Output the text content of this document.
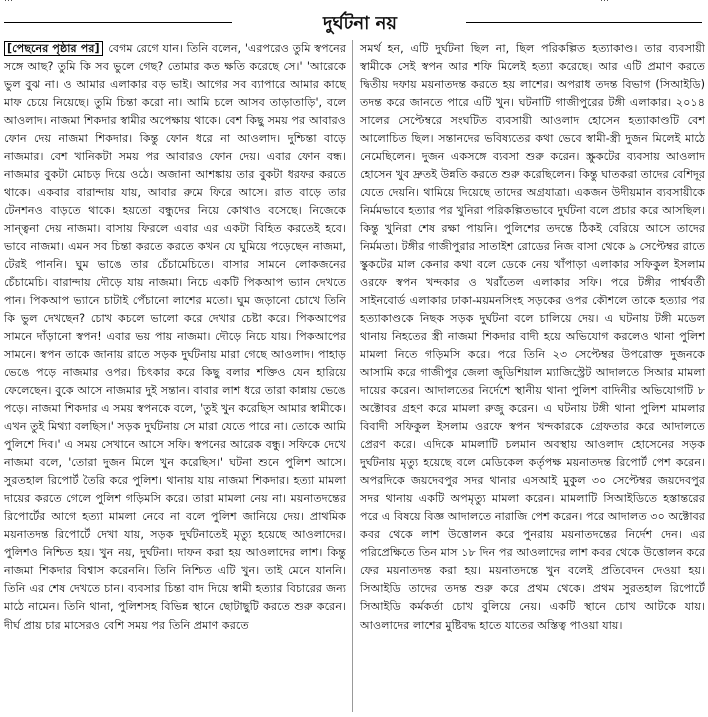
দুর্ঘটনা নয়

[পেছনের পৃষ্ঠার পর] বেগম রেগে যান। তিনি বলেন, 'এরপরেও তুমি স্বপনের সঙ্গে আছ? তুমি কি সব ভুলে গেছ? তোমার কত ক্ষতি করেছে সে।' 'আরেকে ভুল বুঝ না। ও আমার এলাকার বড় ভাই। আগের সব ব্যাপারে আমার কাছে মাফ চেয়ে নিয়েছে। তুমি চিন্তা করো না। আমি চলে আসব তাড়াতাড়ি', বলে আওলাদ। নাজমা শিকদার স্বামীর অপেক্ষায় থাকে। বেশ কিছু সময় পর আবারও ফোন দেয় নাজমা শিকদার। কিন্তু ফোন ধরে না আওলাদ। দুশ্চিন্তা বাড়ে নাজমার। বেশ খানিকটা সময় পর আবারও ফোন দেয়। এবার ফোন বন্ধ। নাজমার বুকটা মোচড় দিয়ে ওঠে। অজানা আশঙ্কায় তার বুকটা ধরফর করতে থাকে। একবার বারান্দায় যায়, আবার রুমে ফিরে আসে। রাত বাড়ে তার টেনশনও বাড়তে থাকে। হয়তো বন্ধুদের নিয়ে কোথাও বসেছে। নিজেকে সান্ত্বনা দেয় নাজমা। বাসায় ফিরলে এবার এর একটা বিহিত করতেই হবে। ভাবে নাজমা। এমন সব চিন্তা করতে করতে কখন যে ঘুমিয়ে পড়েছেন নাজমা, টেরই পাননি। ঘুম ভাঙে তার চেঁচামেচিতে। বাসার সামনে লোকজনের চেঁচামেচি। বারান্দায় দৌড়ে যায় নাজমা। নিচে একটি পিকআপ ভ্যান দেখতে পান। পিকআপ ভ্যানে চাটাই পেঁচানো লাশের মতো। ঘুম জড়ানো চোখে তিনি কি ভুল দেখছেন? চোখ কচলে ভালো করে দেখার চেষ্টা করে। পিকআপের সামনে দাঁড়ানো স্বপন! এবার ভয় পায় নাজমা। দৌড়ে নিচে যায়। পিকআপের সামনে। স্বপন তাকে জানায় রাতে সড়ক দুর্ঘটনায় মারা গেছে আওলাদ। পাহাড় ভেঙে পড়ে নাজমার ওপর। চিৎকার করে কিছু বলার শক্তিও যেন হারিয়ে ফেলেছেন। বুকে আসে নাজমার দুই সন্তান। বাবার লাশ ধরে তারা কান্নায় ভেঙে পড়ে। নাজমা শিকদার এ সময় স্বপনকে বলে, 'তুই খুন করেছিস আমার স্বামীকে। এখন তুই মিথ্যা বলছিস।' সড়ক দুর্ঘটনায় সে মারা যেতে পারে না। তোকে আমি পুলিশে দিব।' এ সময় সেখানে আসে সফি। স্বপনের আরেক বন্ধু। সফিকে দেখে নাজমা বলে, 'তোরা দুজন মিলে খুন করেছিস।' ঘটনা শুনে পুলিশ আসে। সুরতহাল রিপোর্ট তৈরি করে পুলিশ। থানায় যায় নাজমা শিকদার। হত্যা মামলা দায়ের করতে গেলে পুলিশ গড়িমসি করে। তারা মামলা নেয় না। ময়নাতদন্তের রিপোর্টের আগে হত্যা মামলা নেবে না বলে পুলিশ জানিয়ে দেয়। প্রাথমিক ময়নাতদন্ত রিপোর্টে দেখা যায়, সড়ক দুর্ঘটনাতেই মৃত্যু হয়েছে আওলাদের। পুলিশও নিশ্চিত হয়। খুন নয়, দুর্ঘটনা। দাফন করা হয় আওলাদের লাশ। কিন্তু নাজমা শিকদার বিশ্বাস করেননি। তিনি নিশ্চিত এটি খুন। তাই মেনে যাননি। তিনি এর শেষ দেখতে চান। ব্যবসার চিন্তা বাদ দিয়ে স্বামী হত্যার বিচারের জন্য মাঠে নামেন। তিনি থানা, পুলিশসহ বিভিন্ন স্থানে ছোটাছুটি করতে শুরু করেন। দীর্ঘ প্রায় চার মাসেরও বেশি সময় পর তিনি প্রমাণ করতে

সমর্থ হন, এটি দুর্ঘটনা ছিল না, ছিল পরিকল্পিত হত্যাকাণ্ড। তার ব্যবসায়ী স্বামীকে সেই স্বপন আর শফি মিলেই হত্যা করেছে। আর এটি প্রমাণ করতে দ্বিতীয় দফায় ময়নাতদন্ত করতে হয় লাশের। অপরাধ তদন্ত বিভাগ (সিআইডি) তদন্ত করে জানতে পারে এটি খুন। ঘটনাটি গাজীপুরের টঙ্গী এলাকার। ২০১৪ সালের সেপ্টেম্বরে সংঘটিত ব্যবসায়ী আওলাদ হোসেন হত্যাকাণ্ডটি বেশ আলোচিত ছিল। সন্তানদের ভবিষ্যতের কথা ভেবে স্বামী-স্ত্রী দুজন মিলেই মাঠে নেমেছিলেন। দুজন একসঙ্গে ব্যবসা শুরু করেন। স্ক্রুকটের ব্যবসায় আওলাদ হোসেন খুব দ্রুতই উন্নতি করতে শুরু করেছিলেন। কিন্তু ঘাতকরা তাদের বেশিদূর যেতে দেয়নি। থামিয়ে দিয়েছে তাদের অগ্রযাত্রা। একজন উদীয়মান ব্যবসায়ীকে নির্মমভাবে হত্যার পর খুনিরা পরিকল্পিতভাবে দুর্ঘটনা বলে প্রচার করে আসছিল। কিন্তু খুনিরা শেষ রক্ষা পায়নি। পুলিশের তদন্তে ঠিকই বেরিয়ে আসে তাদের নির্মমতা। টঙ্গীর গাজীপুরার সাতাইশ রোডের নিজ বাসা থেকে ৯ সেপ্টেম্বর রাতে স্কুকটের মাল কেনার কথা বলে ডেকে নেয় খাঁপাড়া এলাকার সফিকুল ইসলাম ওরফে স্বপন খন্দকার ও খরাঁতেল এলাকার সফি। পরে টঙ্গীর পার্শ্ববর্তী সাইনবোর্ড এলাকার ঢাকা-ময়মনসিংহ সড়কের ওপর কৌশলে তাকে হত্যার পর হত্যাকাণ্ডকে নিছক সড়ক দুর্ঘটনা বলে চালিয়ে দেয়। এ ঘটনায় টঙ্গী মডেল থানায় নিহতের স্ত্রী নাজমা শিকদার বাদী হয়ে অভিযোগ করলেও থানা পুলিশ মামলা নিতে গড়িমসি করে। পরে তিনি ২৩ সেপ্টেম্বর উপরোক্ত দুজনকে আসামি করে গাজীপুর জেলা জুডিশিয়াল ম্যাজিস্ট্রেট আদালতে সিআর মামলা দায়ের করেন। আদালতের নির্দেশে স্থানীয় থানা পুলিশ বাদিনীর অভিযোগটি ৮ অক্টোবর গ্রহণ করে মামলা রুজু করেন। এ ঘটনায় টঙ্গী থানা পুলিশ মামলার বিবাদী সফিকুল ইসলাম ওরফে স্বপন খন্দকারকে গ্রেফতার করে আদালতে প্রেরণ করে। এদিকে মামলাটি চলমান অবস্থায় আওলাদ হোসেনের সড়ক দুর্ঘটনায় মৃত্যু হয়েছে বলে মেডিকেল কর্তৃপক্ষ ময়নাতদন্ত রিপোর্ট পেশ করেন। অপরদিকে জয়দেবপুর সদর থানার এসআই মুকুল ৩০ সেপ্টেম্বর জয়দেবপুর সদর থানায় একটি অপমৃত্যু মামলা করেন। মামলাটি সিআইডিতে হস্তান্তরের পরে এ বিষয়ে বিজ্ঞ আদালতে নারাজি পেশ করেন। পরে আদালত ৩০ অক্টোবর কবর থেকে লাশ উত্তোলন করে পুনরায় ময়নাতদন্তের নির্দেশ দেন। এর পরিপ্রেক্ষিতে তিন মাস ১৮ দিন পর আওলাদের লাশ কবর থেকে উত্তোলন করে ফের ময়নাতদন্ত করা হয়। ময়নাতদন্তে খুন বলেই প্রতিবেদন দেওয়া হয়। সিআইডি তাদের তদন্ত শুরু করে প্রথম থেকে। প্রথম সুরতহাল রিপোর্টে সিআইডি কর্মকর্তা চোখ বুলিয়ে নেয়। একটি স্থানে চোখ আটকে যায়। আওলাদের লাশের মুষ্টিবদ্ধ হাতে যাতের অস্তিত্ব পাওয়া যায়।
